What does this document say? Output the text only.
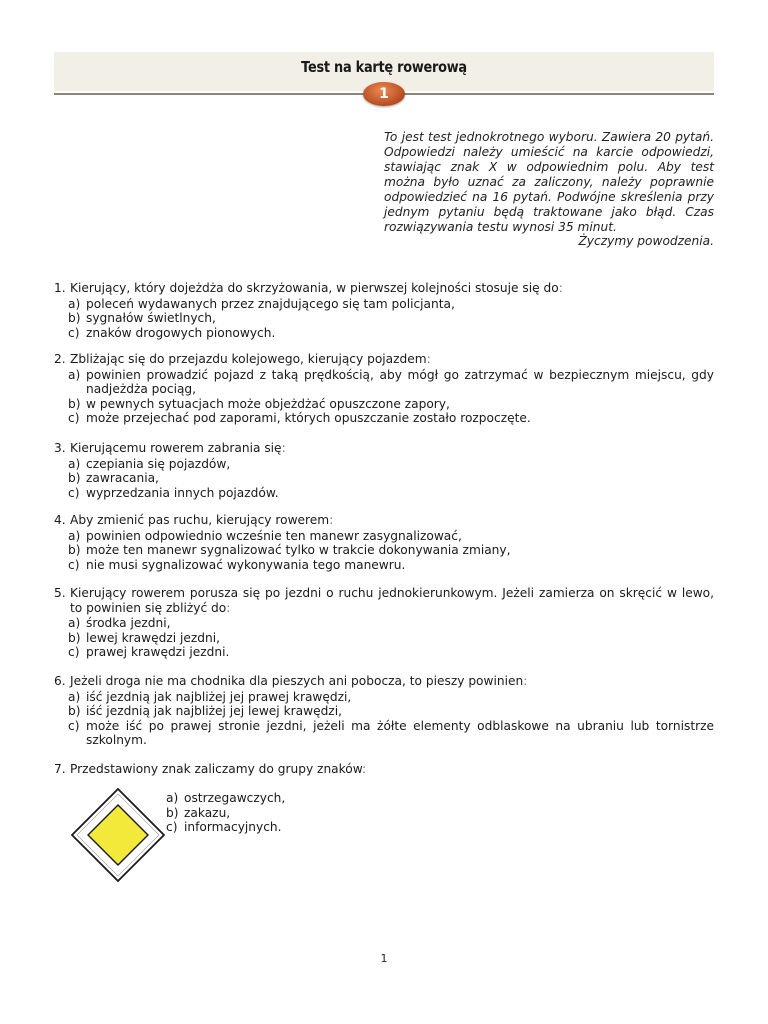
Test na kartę rowerową
1
To jest test jednokrotnego wyboru. Zawiera 20 pytań. Odpowiedzi należy umieścić na karcie odpowiedzi, stawiając znak X w odpowiednim polu. Aby test można było uznać za zaliczony, należy poprawnie odpowiedzieć na 16 pytań. Podwójne skreślenia przy jednym pytaniu będą traktowane jako błąd. Czas rozwiązywania testu wynosi 35 minut.
Życzymy powodzenia.
1. Kierujący, który dojeżdża do skrzyżowania, w pierwszej kolejności stosuje się do:
a) poleceń wydawanych przez znajdującego się tam policjanta,
b) sygnałów świetlnych,
c) znaków drogowych pionowych.
2. Zbliżając się do przejazdu kolejowego, kierujący pojazdem:
a) powinien prowadzić pojazd z taką prędkością, aby mógł go zatrzymać w bezpiecznym miejscu, gdy nadjeżdża pociąg,
b) w pewnych sytuacjach może objeżdżać opuszczone zapory,
c) może przejechać pod zaporami, których opuszczanie zostało rozpoczęte.
3. Kierującemu rowerem zabrania się:
a) czepiania się pojazdów,
b) zawracania,
c) wyprzedzania innych pojazdów.
4. Aby zmienić pas ruchu, kierujący rowerem:
a) powinien odpowiednio wcześnie ten manewr zasygnalizować,
b) może ten manewr sygnalizować tylko w trakcie dokonywania zmiany,
c) nie musi sygnalizować wykonywania tego manewru.
5. Kierujący rowerem porusza się po jezdni o ruchu jednokierunkowym. Jeżeli zamierza on skręcić w lewo, to powinien się zbliżyć do:
a) środka jezdni,
b) lewej krawędzi jezdni,
c) prawej krawędzi jezdni.
6. Jeżeli droga nie ma chodnika dla pieszych ani pobocza, to pieszy powinien:
a) iść jezdnią jak najbliżej jej prawej krawędzi,
b) iść jezdnią jak najbliżej jej lewej krawędzi,
c) może iść po prawej stronie jezdni, jeżeli ma żółte elementy odblaskowe na ubraniu lub tornistrze szkolnym.
7. Przedstawiony znak zaliczamy do grupy znaków:
a) ostrzegawczych,
b) zakazu,
c) informacyjnych.
1
